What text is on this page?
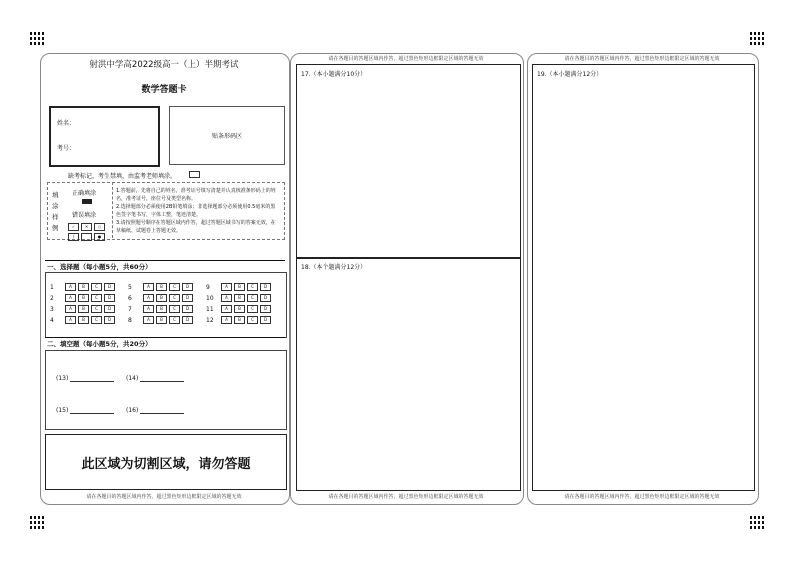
射洪中学高2022级高一（上）半期考试
数学答题卡
姓名：
考号：
贴条形码区
缺考标记，考生禁填，由监考老师填涂。
填涂样例
正确填涂
错误填涂
✓ ✕ ○
/	●
1.答题前，先将自己的姓名，准考证号填写清楚并认真核准条形码上的姓名，准考证号，座位号及类型名称。
2.选择题部分必须使用2B铅笔填涂；非选择题部分必须使用0.5毫米的黑色签字笔书写，字体工整，笔迹清楚。
3.请按照题号顺序在答题区域内作答，超过答题区域书写的答案无效，在草稿纸、试题卷上答题无效。
一、选择题（每小题5分，共60分）
1	A	B	C	D
2	A	B	C	D
3	A	B	C	D
4	A	B	C	D
5	A	B	C	D
6	A	B	C	D
7	A	B	C	D
8	A	B	C	D
9	A	B	C	D
10	A	B	C	D
11	A	B	C	D
12	A	B	C	D
二、填空题（每小题5分，共20分）
(13)	(14)
(15)	(16)
此区域为切割区域，请勿答题
请在各题目的答题区域内作答，超过黑色矩形边框限定区域的答题无效
请在各题目的答题区域内作答，超过黑色矩形边框限定区域的答题无效
17.（本小题满分10分）
18.（本个题满分12分）
请在各题目的答题区域内作答，超过黑色矩形边框限定区域的答题无效
请在各题目的答题区域内作答，超过黑色矩形边框限定区域的答题无效
19.（本小题满分12分）
请在各题目的答题区域内作答，超过黑色矩形边框限定区域的答题无效
